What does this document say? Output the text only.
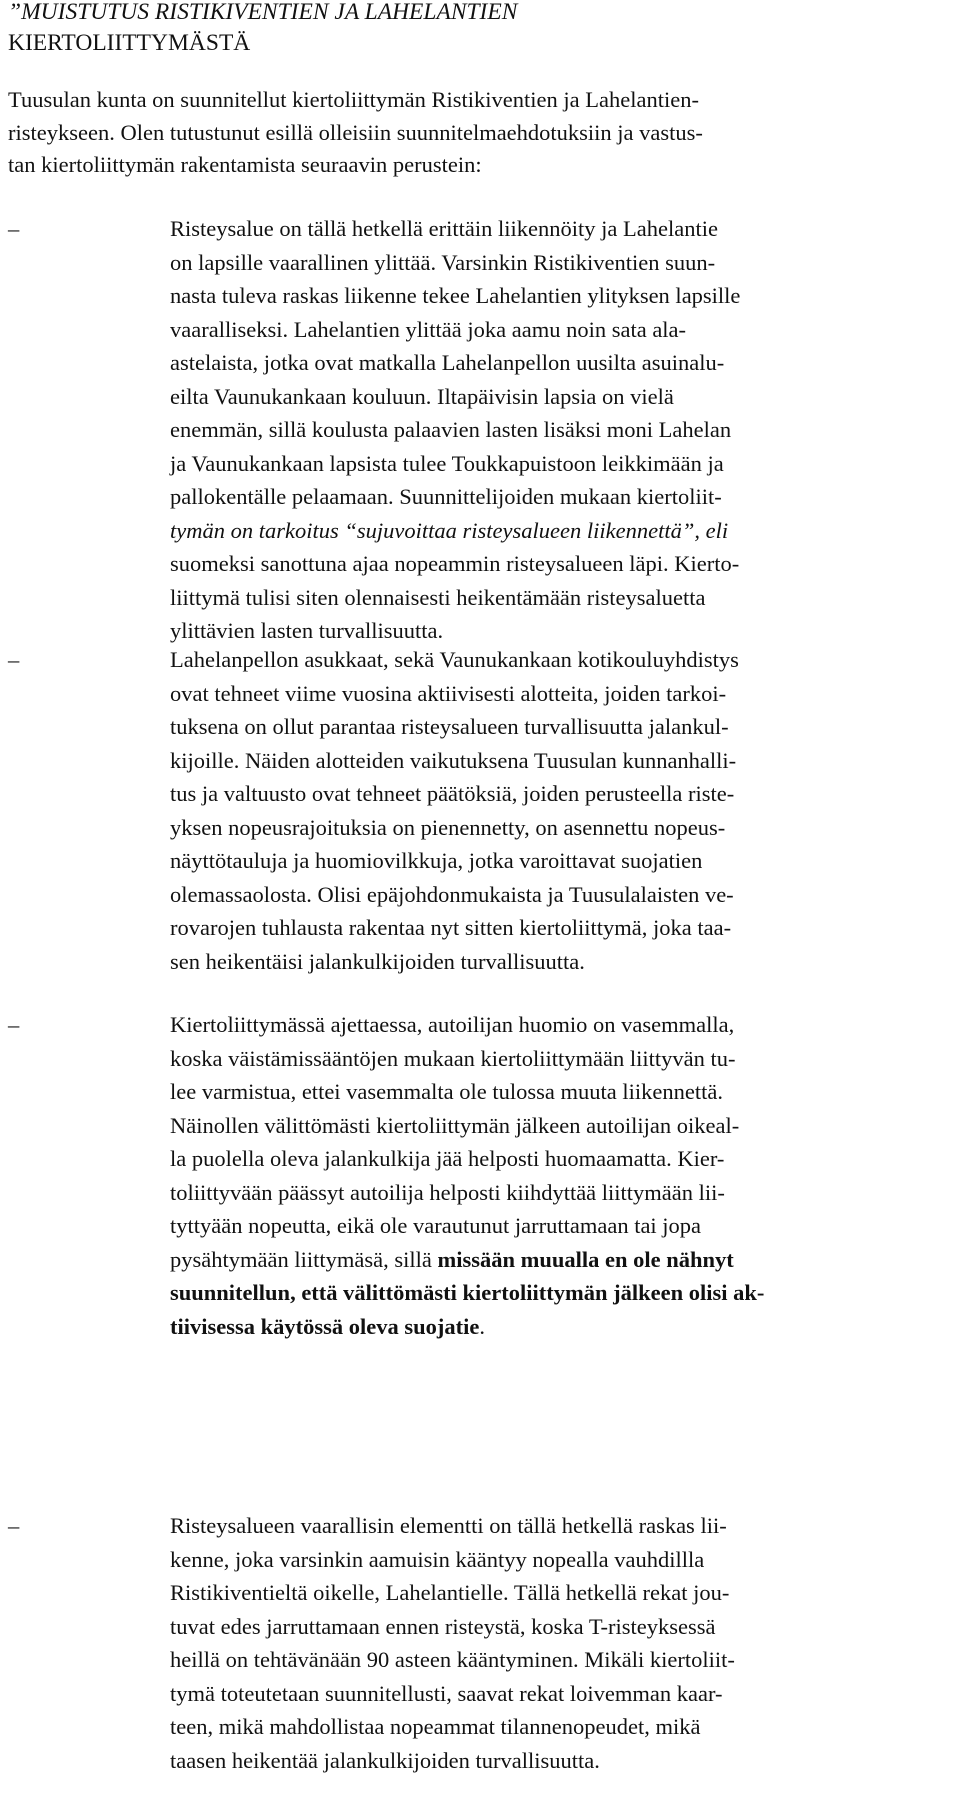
”MUISTUTUS RISTIKIVENTIEN JA LAHELANTIEN
KIERTOLIITTYMÄSTÄ

Tuusulan kunta on suunnitellut kiertoliittymän Ristikiventien ja Lahelantien-
risteykseen. Olen tutustunut esillä olleisiin suunnitelmaehdotuksiin ja vastus-
tan kiertoliittymän rakentamista seuraavin perustein:

–	Risteysalue on tällä hetkellä erittäin liikennöity ja Lahelantie
on lapsille vaarallinen ylittää. Varsinkin Ristikiventien suun-
nasta tuleva raskas liikenne tekee Lahelantien ylityksen lapsille
vaaralliseksi. Lahelantien ylittää joka aamu noin sata ala-
astelaista, jotka ovat matkalla Lahelanpellon uusilta asuinalu-
eilta Vaunukankaan kouluun. Iltapäivisin lapsia on vielä
enemmän, sillä koulusta palaavien lasten lisäksi moni Lahelan
ja Vaunukankaan lapsista tulee Toukkapuistoon leikkimään ja
pallokentälle pelaamaan. Suunnittelijoiden mukaan kiertoliit-
tymän on tarkoitus “sujuvoittaa risteysalueen liikennettä”, eli
suomeksi sanottuna ajaa nopeammin risteysalueen läpi. Kierto-
liittymä tulisi siten olennaisesti heikentämään risteysaluetta
ylittävien lasten turvallisuutta.

–	Lahelanpellon asukkaat, sekä Vaunukankaan kotikouluyhdistys
ovat tehneet viime vuosina aktiivisesti alotteita, joiden tarkoi-
tuksena on ollut parantaa risteysalueen turvallisuutta jalankul-
kijoille. Näiden alotteiden vaikutuksena Tuusulan kunnanhalli-
tus ja valtuusto ovat tehneet päätöksiä, joiden perusteella riste-
yksen nopeusrajoituksia on pienennetty, on asennettu nopeus-
näyttötauluja ja huomiovilkkuja, jotka varoittavat suojatien
olemassaolosta. Olisi epäjohdonmukaista ja Tuusulalaisten ve-
rovarojen tuhlausta rakentaa nyt sitten kiertoliittymä, joka taa-
sen heikentäisi jalankulkijoiden turvallisuutta.

–	Kiertoliittymässä ajettaessa, autoilijan huomio on vasemmalla,
koska väistämissääntöjen mukaan kiertoliittymään liittyvän tu-
lee varmistua, ettei vasemmalta ole tulossa muuta liikennettä.
Näinollen välittömästi kiertoliittymän jälkeen autoilijan oikeal-
la puolella oleva jalankulkija jää helposti huomaamatta. Kier-
toliittyvään päässyt autoilija helposti kiihdyttää liittymään lii-
tyttyään nopeutta, eikä ole varautunut jarruttamaan tai jopa
pysähtymään liittymäsä, sillä missään muualla en ole nähnyt
suunnitellun, että välittömästi kiertoliittymän jälkeen olisi ak-
tiivisessa käytössä oleva suojatie.

–	Risteysalueen vaarallisin elementti on tällä hetkellä raskas lii-
kenne, joka varsinkin aamuisin kääntyy nopealla vauhdillla
Ristikiventieltä oikelle, Lahelantielle. Tällä hetkellä rekat jou-
tuvat edes jarruttamaan ennen risteystä, koska T-risteyksessä
heillä on tehtävänään 90 asteen kääntyminen. Mikäli kiertoliit-
tymä toteutetaan suunnitellusti, saavat rekat loivemman kaar-
teen, mikä mahdollistaa nopeammat tilannenopeudet, mikä
taasen heikentää jalankulkijoiden turvallisuutta.
